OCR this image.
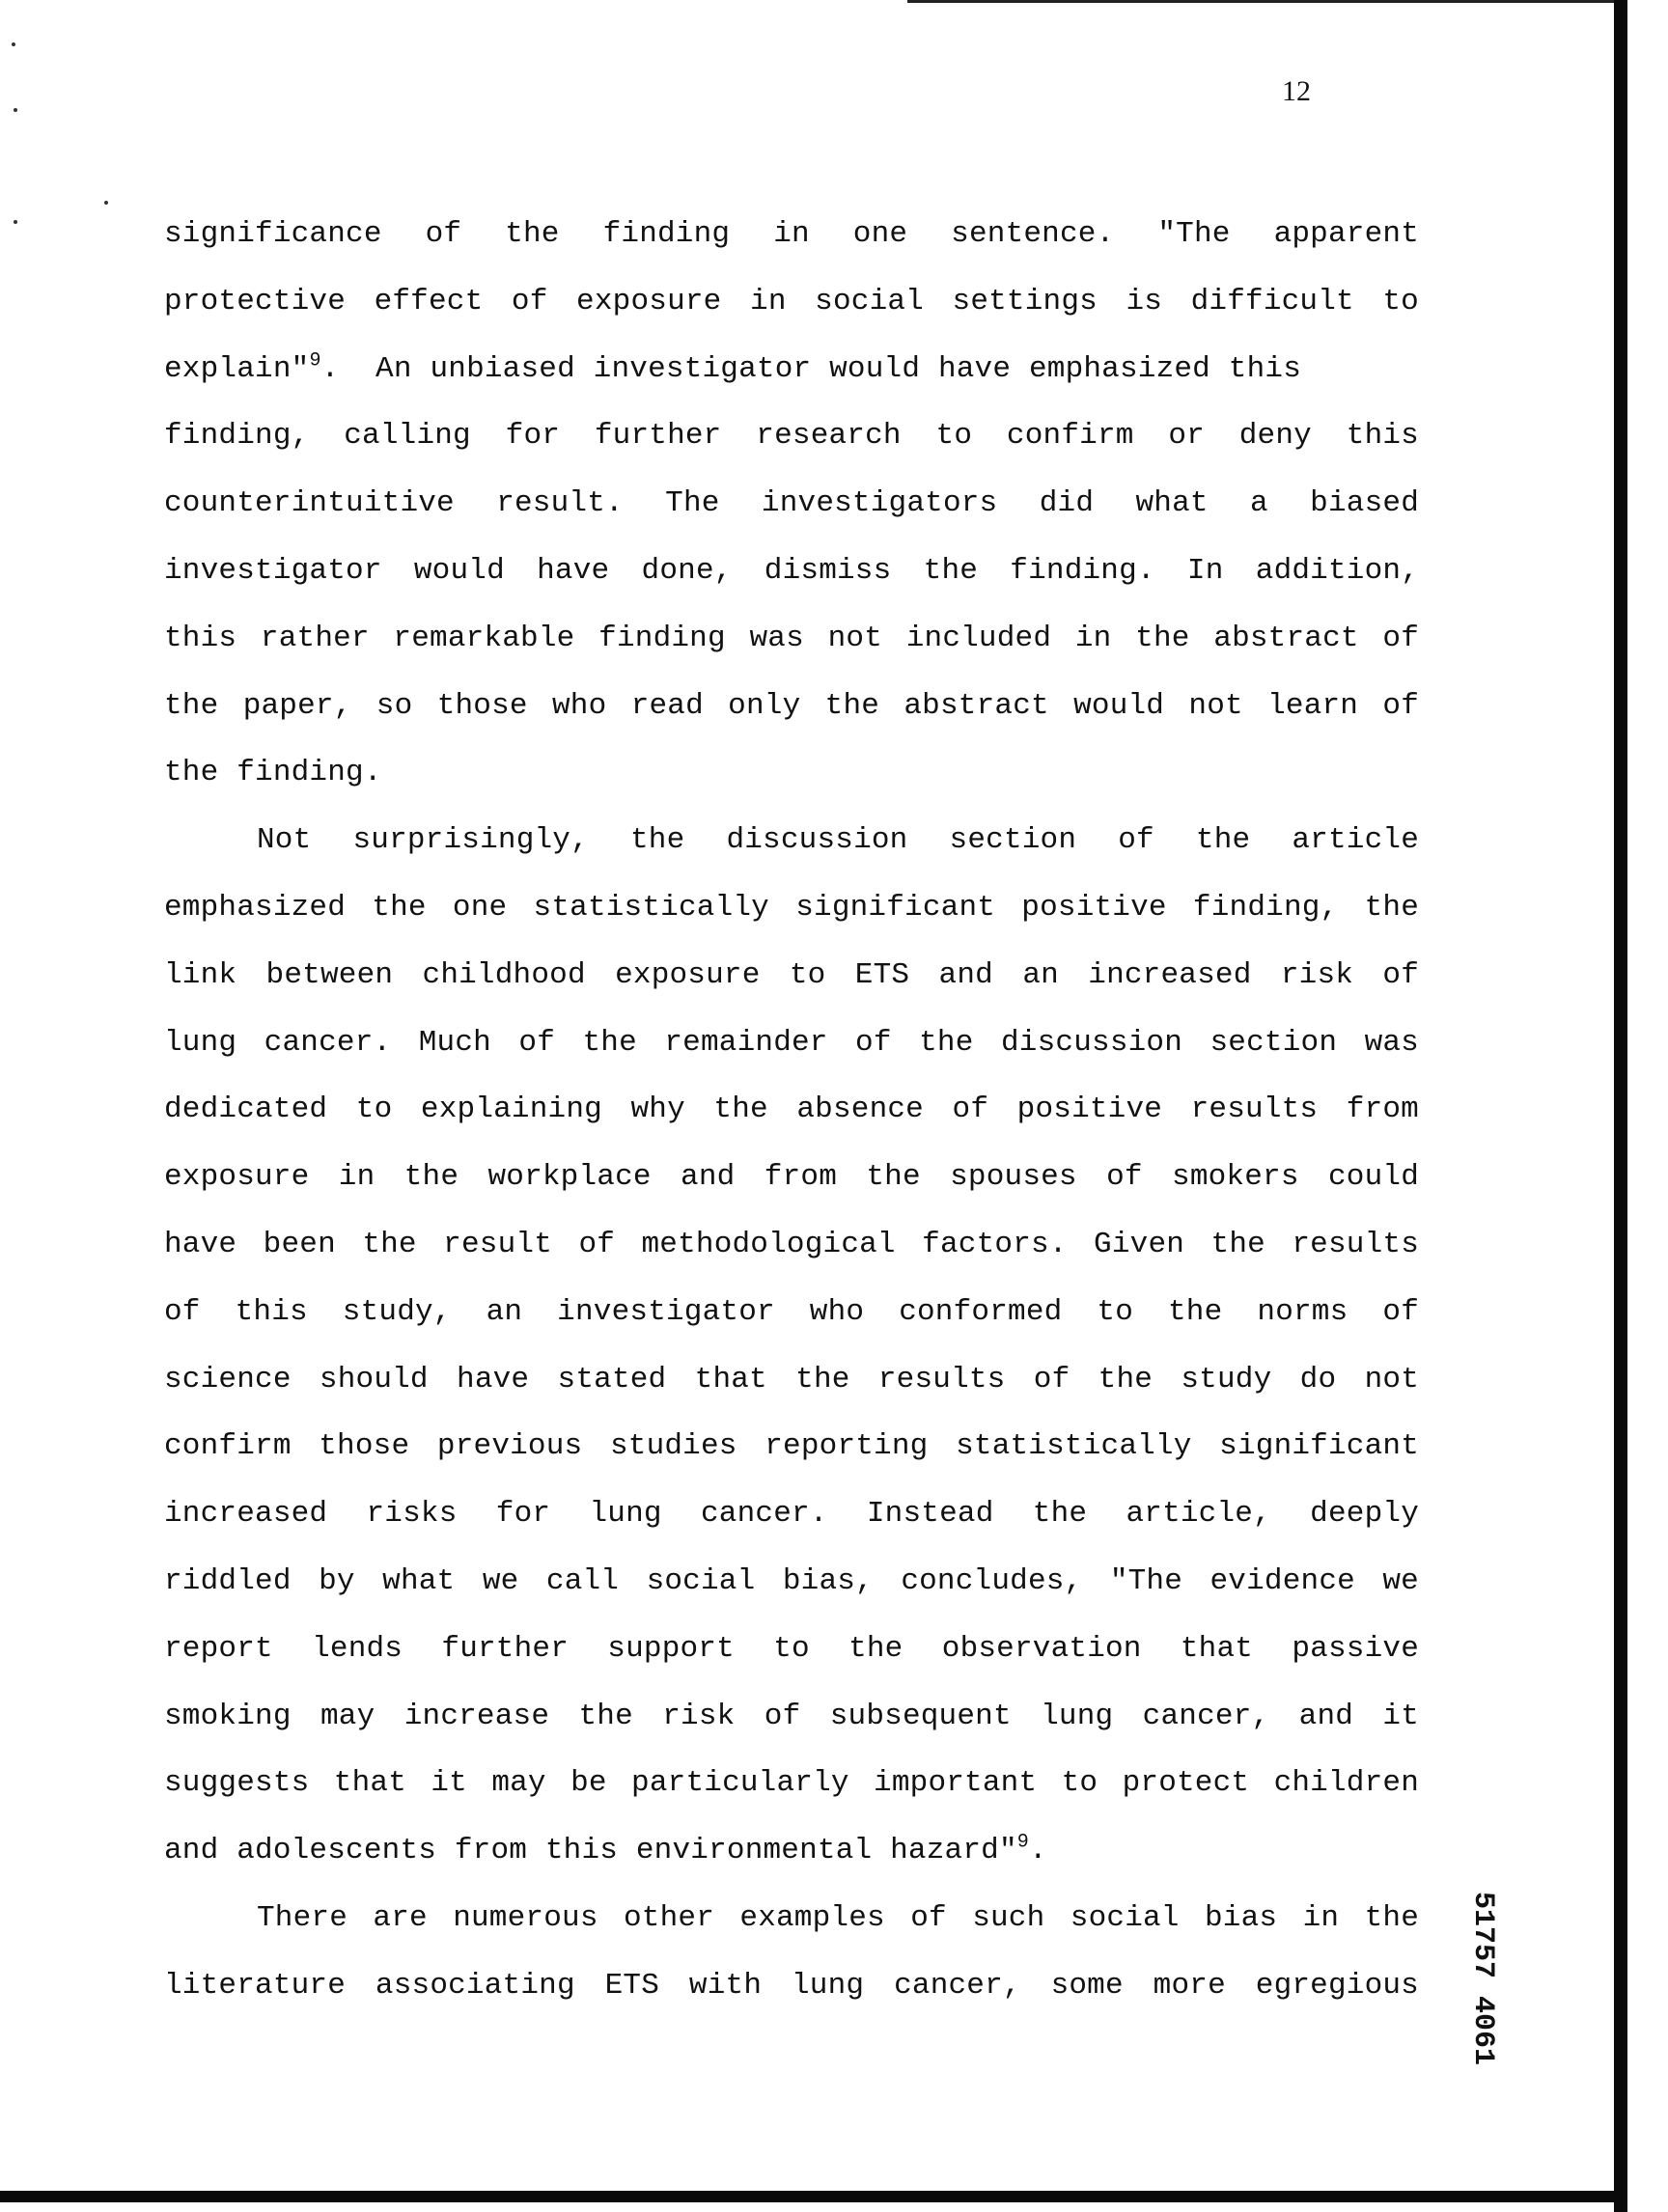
12
significance of the finding in one sentence. "The apparent
protective effect of exposure in social settings is difficult to
explain"$^9$.  An unbiased investigator would have emphasized this
finding, calling for further research to confirm or deny this
counterintuitive result. The investigators did what a biased
investigator would have done, dismiss the finding. In addition,
this rather remarkable finding was not included in the abstract of
the paper, so those who read only the abstract would not learn of
the finding.
Not surprisingly, the discussion section of the article
emphasized the one statistically significant positive finding, the
link between childhood exposure to ETS and an increased risk of
lung cancer. Much of the remainder of the discussion section was
dedicated to explaining why the absence of positive results from
exposure in the workplace and from the spouses of smokers could
have been the result of methodological factors. Given the results
of this study, an investigator who conformed to the norms of
science should have stated that the results of the study do not
confirm those previous studies reporting statistically significant
increased risks for lung cancer. Instead the article, deeply
riddled by what we call social bias, concludes, "The evidence we
report lends further support to the observation that passive
smoking may increase the risk of subsequent lung cancer, and it
suggests that it may be particularly important to protect children
and adolescents from this environmental hazard"$^9$.
There are numerous other examples of such social bias in the
literature associating ETS with lung cancer, some more egregious 51757 4061
